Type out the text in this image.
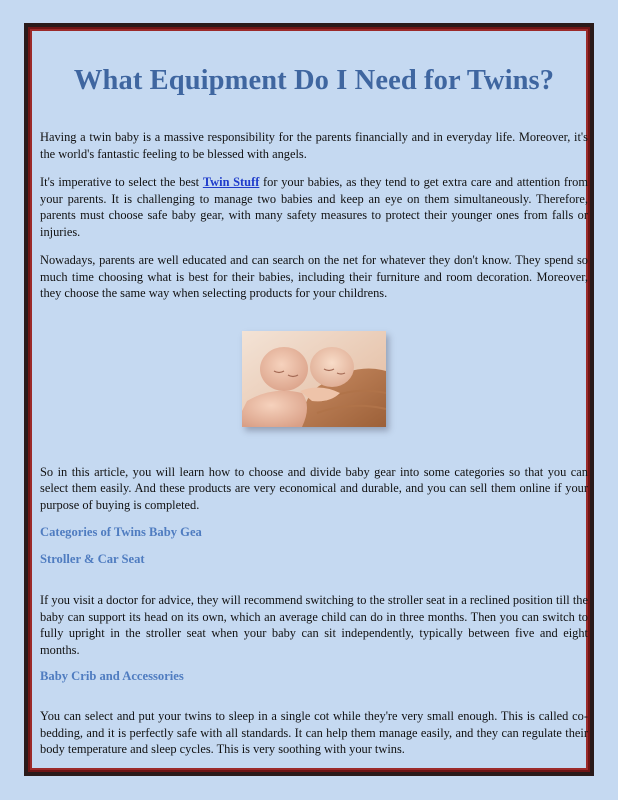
What Equipment Do I Need for Twins?

Having a twin baby is a massive responsibility for the parents financially and in everyday life. Moreover, it's the world's fantastic feeling to be blessed with angels.

It's imperative to select the best Twin Stuff for your babies, as they tend to get extra care and attention from your parents. It is challenging to manage two babies and keep an eye on them simultaneously. Therefore, parents must choose safe baby gear, with many safety measures to protect their younger ones from falls or injuries.

Nowadays, parents are well educated and can search on the net for whatever they don't know. They spend so much time choosing what is best for their babies, including their furniture and room decoration. Moreover, they choose the same way when selecting products for your childrens.

So in this article, you will learn how to choose and divide baby gear into some categories so that you can select them easily. And these products are very economical and durable, and you can sell them online if your purpose of buying is completed.

Categories of Twins Baby Gea
Stroller & Car Seat

If you visit a doctor for advice, they will recommend switching to the stroller seat in a reclined position till the baby can support its head on its own, which an average child can do in three months. Then you can switch to fully upright in the stroller seat when your baby can sit independently, typically between five and eight months.

Baby Crib and Accessories

You can select and put your twins to sleep in a single cot while they're very small enough. This is called co-bedding, and it is perfectly safe with all standards. It can help them manage easily, and they can regulate their body temperature and sleep cycles. This is very soothing with your twins.
